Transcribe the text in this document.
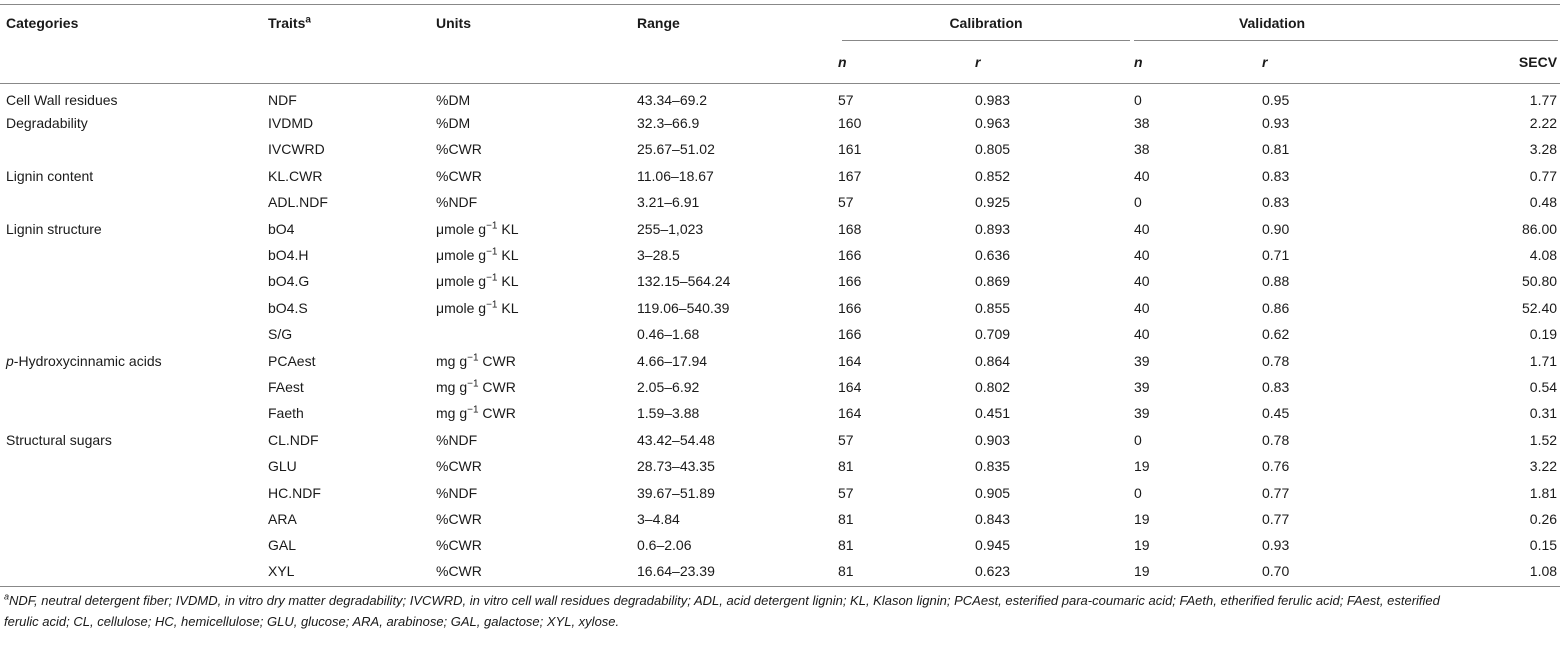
Categories	Traits$^a$	Units	Range	Calibration		Validation		
				n	r	n	r	SECV
Cell Wall residues	NDF	%DM	43.34–69.2	57	0.983	0	0.95	1.77
Degradability	IVDMD	%DM	32.3–66.9	160	0.963	38	0.93	2.22
	IVCWRD	%CWR	25.67–51.02	161	0.805	38	0.81	3.28
Lignin content	KL.CWR	%CWR	11.06–18.67	167	0.852	40	0.83	0.77
	ADL.NDF	%NDF	3.21–6.91	57	0.925	0	0.83	0.48
Lignin structure	bO4	μmole $g^{-1}$ KL	255–1,023	168	0.893	40	0.90	86.00
	bO4.H	μmole $g^{-1}$ KL	3–28.5	166	0.636	40	0.71	4.08
	bO4.G	μmole $g^{-1}$ KL	132.15–564.24	166	0.869	40	0.88	50.80
	bO4.S	μmole $g^{-1}$ KL	119.06–540.39	166	0.855	40	0.86	52.40
	S/G		0.46–1.68	166	0.709	40	0.62	0.19
p-Hydroxycinnamic acids	PCAest	mg $g^{-1}$ CWR	4.66–17.94	164	0.864	39	0.78	1.71
	FAest	mg $g^{-1}$ CWR	2.05–6.92	164	0.802	39	0.83	0.54
	Faeth	mg $g^{-1}$ CWR	1.59–3.88	164	0.451	39	0.45	0.31
Structural sugars	CL.NDF	%NDF	43.42–54.48	57	0.903	0	0.78	1.52
	GLU	%CWR	28.73–43.35	81	0.835	19	0.76	3.22
	HC.NDF	%NDF	39.67–51.89	57	0.905	0	0.77	1.81
	ARA	%CWR	3–4.84	81	0.843	19	0.77	0.26
	GAL	%CWR	0.6–2.06	81	0.945	19	0.93	0.15
	XYL	%CWR	16.64–23.39	81	0.623	19	0.70	1.08
$^a$NDF, neutral detergent fiber; IVDMD, in vitro dry matter degradability; IVCWRD, in vitro cell wall residues degradability; ADL, acid detergent lignin; KL, Klason lignin; PCAest, esterified para-coumaric acid; FAeth, etherified ferulic acid; FAest, esterified ferulic acid; CL, cellulose; HC, hemicellulose; GLU, glucose; ARA, arabinose; GAL, galactose; XYL, xylose.
